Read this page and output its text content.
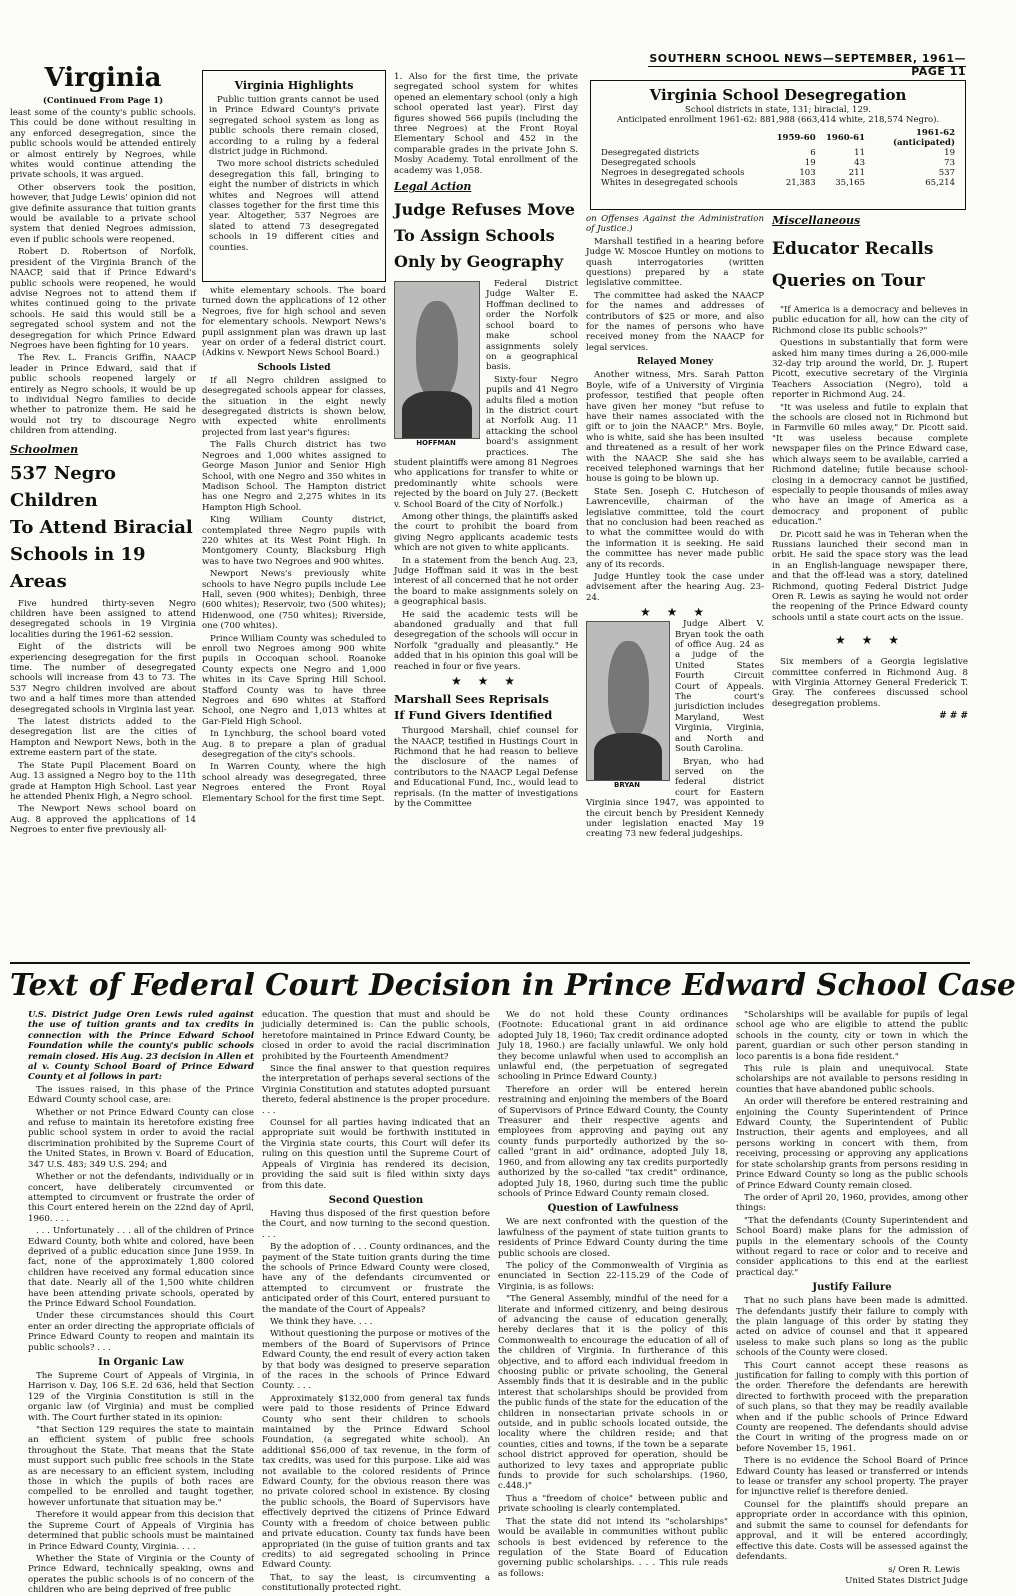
SOUTHERN SCHOOL NEWS—SEPTEMBER, 1961—PAGE 11
Virginia
(Continued From Page 1)

least some of the county's public schools. This could be done without resulting in any enforced desegregation, since the public schools would be attended entirely or almost entirely by Negroes, while whites would continue attending the private schools, it was argued.

Other observers took the position, however, that Judge Lewis' opinion did not give definite assurance that tuition grants would be available to a private school system that denied Negroes admission, even if public schools were reopened.

Robert D. Robertson of Norfolk, president of the Virginia Branch of the NAACP, said that if Prince Edward's public schools were reopened, he would advise Negroes not to attend them if whites continued going to the private schools. He said this would still be a segregated school system and not the desegregation for which Prince Edward Negroes have been fighting for 10 years.

The Rev. L. Francis Griffin, NAACP leader in Prince Edward, said that if public schools reopened largely or entirely as Negro schools, it would be up to individual Negro families to decide whether to patronize them. He said he would not try to discourage Negro children from attending.

Schoolmen
537 Negro Children
To Attend Biracial
Schools in 19 Areas

Five hundred thirty-seven Negro children have been assigned to attend desegregated schools in 19 Virginia localities during the 1961-62 session.

Eight of the districts will be experiencing desegregation for the first time. The number of desegregated schools will increase from 43 to 73. The 537 Negro children involved are about two and a half times more than attended desegregated schools in Virginia last year.

The latest districts added to the desegregation list are the cities of Hampton and Newport News, both in the extreme eastern part of the state.

The State Pupil Placement Board on Aug. 13 assigned a Negro boy to the 11th grade at Hampton High School. Last year he attended Phenix High, a Negro school.

The Newport News school board on Aug. 8 approved the applications of 14 Negroes to enter five previously all-

Virginia Highlights

Public tuition grants cannot be used in Prince Edward County's private segregated school system as long as public schools there remain closed, according to a ruling by a federal district judge in Richmond.

Two more school districts scheduled desegregation this fall, bringing to eight the number of districts in which whites and Negroes will attend classes together for the first time this year. Altogether, 537 Negroes are slated to attend 73 desegregated schools in 19 different cities and counties.

white elementary schools. The board turned down the applications of 12 other Negroes, five for high school and seven for elementary schools. Newport News's pupil assignment plan was drawn up last year on order of a federal district court. (Adkins v. Newport News School Board.)

Schools Listed

If all Negro children assigned to desegregated schools appear for classes, the situation in the eight newly desegregated districts is shown below, with expected white enrollments projected from last year's figures:

The Falls Church district has two Negroes and 1,000 whites assigned to George Mason Junior and Senior High School, with one Negro and 350 whites in Madison School. The Hampton district has one Negro and 2,275 whites in its Hampton High School.

King William County district, contemplated three Negro pupils with 220 whites at its West Point High. In Montgomery County, Blacksburg High was to have two Negroes and 900 whites.

Newport News's previously white schools to have Negro pupils include Lee Hall, seven (900 whites); Denbigh, three (600 whites); Reservoir, two (500 whites); Hidenwood, one (750 whites); Riverside, one (700 whites).

Prince William County was scheduled to enroll two Negroes among 900 white pupils in Occoquan school. Roanoke County expects one Negro and 1,000 whites in its Cave Spring Hill School. Stafford County was to have three Negroes and 690 whites at Stafford School, one Negro and 1,013 whites at Gar-Field High School.

In Lynchburg, the school board voted Aug. 8 to prepare a plan of gradual desegregation of the city's schools.

In Warren County, where the high school already was desegregated, three Negroes entered the Front Royal Elementary School for the first time Sept.

1. Also for the first time, the private segregated school system for whites opened an elementary school (only a high school operated last year). First day figures showed 566 pupils (including the three Negroes) at the Front Royal Elementary School and 452 in the comparable grades in the private John S. Mosby Academy. Total enrollment of the academy was 1,058.

Legal Action
Judge Refuses Move
To Assign Schools
Only by Geography
HOFFMAN

Federal District Judge Walter E. Hoffman declined to order the Norfolk school board to make school assignments solely on a geographical basis.

Sixty-four Negro pupils and 41 Negro adults filed a motion in the district court at Norfolk Aug. 11 attacking the school board's assignment practices. The student plaintiffs were among 81 Negroes who applications for transfer to white or predominantly white schools were rejected by the board on July 27. (Beckett v. School Board of the City of Norfolk.)

Among other things, the plaintiffs asked the court to prohibit the board from giving Negro applicants academic tests which are not given to white applicants.

In a statement from the bench Aug. 23, Judge Hoffman said it was in the best interest of all concerned that he not order the board to make assignments solely on a geographical basis.

He said the academic tests will be abandoned gradually and that full desegregation of the schools will occur in Norfolk "gradually and pleasantly." He added that in his opinion this goal will be reached in four or five years.

★ ★ ★
Marshall Sees Reprisals
If Fund Givers Identified

Thurgood Marshall, chief counsel for the NAACP, testified in Hustings Court in Richmond that he had reason to believe the disclosure of the names of contributors to the NAACP Legal Defense and Educational Fund, Inc., would lead to reprisals. (In the matter of investigations by the Committee

Virginia School Desegregation
School districts in state, 131; biracial, 129.
Anticipated enrollment 1961-62: 881,988 (663,414 white, 218,574 Negro).
	1959-60	1960-61	1961-62 (anticipated)
Desegregated districts	6	11	19
Desegregated schools	19	43	73
Negroes in desegregated schools	103	211	537
Whites in desegregated schools	21,383	35,165	65,214

on Offenses Against the Administration of Justice.)

Marshall testified in a hearing before Judge W. Moscoe Huntley on motions to quash interrogatories (written questions) prepared by a state legislative committee.

The committee had asked the NAACP for the names and addresses of contributors of $25 or more, and also for the names of persons who have received money from the NAACP for legal services.

Relayed Money

Another witness, Mrs. Sarah Patton Boyle, wife of a University of Virginia professor, testified that people often have given her money "but refuse to have their names associated with the gift or to join the NAACP." Mrs. Boyle, who is white, said she has been insulted and threatened as a result of her work with the NAACP. She said she has received telephoned warnings that her house is going to be blown up.

State Sen. Joseph C. Hutcheson of Lawrenceville, chairman of the legislative committee, told the court that no conclusion had been reached as to what the committee would do with the information it is seeking. He said the committee has never made public any of its records.

Judge Huntley took the case under advisement after the hearing Aug. 23-24.

★ ★ ★
BRYAN

Judge Albert V. Bryan took the oath of office Aug. 24 as a judge of the United States Fourth Circuit Court of Appeals. The court's jurisdiction includes Maryland, West Virginia, Virginia, and North and South Carolina.

Bryan, who had served on the federal district court for Eastern Virginia since 1947, was appointed to the circuit bench by President Kennedy under legislation enacted May 19 creating 73 new federal judgeships.

Miscellaneous
Educator Recalls
Queries on Tour

"If America is a democracy and believes in public education for all, how can the city of Richmond close its public schools?"

Questions in substantially that form were asked him many times during a 26,000-mile 32-day trip around the world, Dr. J. Rupert Picott, executive secretary of the Virginia Teachers Association (Negro), told a reporter in Richmond Aug. 24.

"It was useless and futile to explain that the schools are closed not in Richmond but in Farmville 60 miles away," Dr. Picott said. "It was useless because complete newspaper files on the Prince Edward case, which always seem to be available, carried a Richmond dateline; futile because school-closing in a democracy cannot be justified, especially to people thousands of miles away who have an image of America as a democracy and proponent of public education."

Dr. Picott said he was in Teheran when the Russians launched their second man in orbit. He said the space story was the lead in an English-language newspaper there, and that the off-lead was a story, datelined Richmond, quoting Federal District Judge Oren R. Lewis as saying he would not order the reopening of the Prince Edward county schools until a state court acts on the issue.

★ ★ ★

Six members of a Georgia legislative committee conferred in Richmond Aug. 8 with Virginia Attorney General Frederick T. Gray. The conferees discussed school desegregation problems.

# # #
Text of Federal Court Decision in Prince Edward School Case

U.S. District Judge Oren Lewis ruled against the use of tuition grants and tax credits in connection with the Prince Edward School Foundation while the county's public schools remain closed. His Aug. 23 decision in Allen et al v. County School Board of Prince Edward County et al follows in part:

The issues raised, in this phase of the Prince Edward County school case, are:

Whether or not Prince Edward County can close and refuse to maintain its heretofore existing free public school system in order to avoid the racial discrimination prohibited by the Supreme Court of the United States, in Brown v. Board of Education, 347 U.S. 483; 349 U.S. 294; and

Whether or not the defendants, individually or in concert, have deliberately circumvented or attempted to circumvent or frustrate the order of this Court entered herein on the 22nd day of April, 1960. . . .

. . . Unfortunately . . . all of the children of Prince Edward County, both white and colored, have been deprived of a public education since June 1959. In fact, none of the approximately 1,800 colored children have received any formal education since that date. Nearly all of the 1,500 white children have been attending private schools, operated by the Prince Edward School Foundation.

Under these circumstances should this Court enter an order directing the appropriate officials of Prince Edward County to reopen and maintain its public schools? . . .

In Organic Law

The Supreme Court of Appeals of Virginia, in Harrison v. Day, 106 S.E. 2d 636, held that Section 129 of the Virginia Constitution is still in the organic law (of Virginia) and must be complied with. The Court further stated in its opinion:

"that Section 129 requires the state to maintain an efficient system of public free schools throughout the State. That means that the State must support such public free schools in the State as are necessary to an efficient system, including those in which the pupils of both races are compelled to be enrolled and taught together, however unfortunate that situation may be."

Therefore it would appear from this decision that the Supreme Court of Appeals of Virginia has determined that public schools must be maintained in Prince Edward County, Virginia. . . .

Whether the State of Virginia or the County of Prince Edward, technically speaking, owns and operates the public schools is of no concern of the children who are being deprived of free public

education. The question that must and should be judicially determined is: Can the public schools, heretofore maintained in Prince Edward County, be closed in order to avoid the racial discrimination prohibited by the Fourteenth Amendment?

Since the final answer to that question requires the interpretation of perhaps several sections of the Virginia Constitution and statutes adopted pursuant thereto, federal abstinence is the proper procedure. . . .

Counsel for all parties having indicated that an appropriate suit would be forthwith instituted in the Virginia state courts, this Court will defer its ruling on this question until the Supreme Court of Appeals of Virginia has rendered its decision, providing the said suit is filed within sixty days from this date.

Second Question

Having thus disposed of the first question before the Court, and now turning to the second question. . . .

By the adoption of . . . County ordinances, and the payment of the State tuition grants during the time the schools of Prince Edward County were closed, have any of the defendants circumvented or attempted to circumvent or frustrate the anticipated order of this Court, entered pursuant to the mandate of the Court of Appeals?

We think they have. . . .

Without questioning the purpose or motives of the members of the Board of Supervisors of Prince Edward County, the end result of every action taken by that body was designed to preserve separation of the races in the schools of Prince Edward County. . . .

Approximately $132,000 from general tax funds were paid to those residents of Prince Edward County who sent their children to schools maintained by the Prince Edward School Foundation, (a segregated white school). An additional $56,000 of tax revenue, in the form of tax credits, was used for this purpose. Like aid was not available to the colored residents of Prince Edward County, for the obvious reason there was no private colored school in existence. By closing the public schools, the Board of Supervisors have effectively deprived the citizens of Prince Edward County with a freedom of choice between public and private education. County tax funds have been appropriated (in the guise of tuition grants and tax credits) to aid segregated schooling in Prince Edward County.

That, to say the least, is circumventing a constitutionally protected right.

We do not hold these County ordinances (Footnote: Educational grant in aid ordinance adopted July 18, 1960; Tax credit ordinance adopted July 18, 1960.) are facially unlawful. We only hold they become unlawful when used to accomplish an unlawful end, (the perpetuation of segregated schooling in Prince Edward County.)

Therefore an order will be entered herein restraining and enjoining the members of the Board of Supervisors of Prince Edward County, the County Treasurer and their respective agents and employees from approving and paying out any county funds purportedly authorized by the so-called "grant in aid" ordinance, adopted July 18, 1960, and from allowing any tax credits purportedly authorized by the so-called "tax credit" ordinance, adopted July 18, 1960, during such time the public schools of Prince Edward County remain closed.

Question of Lawfulness

We are next confronted with the question of the lawfulness of the payment of state tuition grants to residents of Prince Edward County during the time public schools are closed.

The policy of the Commonwealth of Virginia as enunciated in Section 22-115.29 of the Code of Virginia, is as follows:

"The General Assembly, mindful of the need for a literate and informed citizenry, and being desirous of advancing the cause of education generally, hereby declares that it is the policy of this Commonwealth to encourage the education of all of the children of Virginia. In furtherance of this objective, and to afford each individual freedom in choosing public or private schooling, the General Assembly finds that it is desirable and in the public interest that scholarships should be provided from the public funds of the state for the education of the children in nonsectarian private schools in or outside, and in public schools located outside, the locality where the children reside; and that counties, cities and towns, if the town be a separate school district approved for operation, should be authorized to levy taxes and appropriate public funds to provide for such scholarships. (1960, c.448.)"

Thus a "freedom of choice" between public and private schooling is clearly contemplated.

That the state did not intend its "scholarships" would be available in communities without public schools is best evidenced by reference to the regulation of the State Board of Education governing public scholarships. . . . This rule reads as follows:

"Scholarships will be available for pupils of legal school age who are eligible to attend the public schools in the county, city or town in which the parent, guardian or such other person standing in loco parentis is a bona fide resident."

This rule is plain and unequivocal. State scholarships are not available to persons residing in counties that have abandoned public schools.

An order will therefore be entered restraining and enjoining the County Superintendent of Prince Edward County, the Superintendent of Public Instruction, their agents and employees, and all persons working in concert with them, from receiving, processing or approving any applications for state scholarship grants from persons residing in Prince Edward County so long as the public schools of Prince Edward County remain closed.

The order of April 20, 1960, provides, among other things:

"That the defendants (County Superintendent and School Board) make plans for the admission of pupils in the elementary schools of the County without regard to race or color and to receive and consider applications to this end at the earliest practical day."

Justify Failure

That no such plans have been made is admitted. The defendants justify their failure to comply with the plain language of this order by stating they acted on advice of counsel and that it appeared useless to make such plans so long as the public schools of the County were closed.

This Court cannot accept these reasons as justification for failing to comply with this portion of the order. Therefore the defendants are herewith directed to forthwith proceed with the preparation of such plans, so that they may be readily available when and if the public schools of Prince Edward County are reopened. The defendants should advise the Court in writing of the progress made on or before November 15, 1961.

There is no evidence the School Board of Prince Edward County has leased or transferred or intends to lease or transfer any school property. The prayer for injunctive relief is therefore denied.

Counsel for the plaintiffs should prepare an appropriate order in accordance with this opinion, and submit the same to counsel for defendants for approval, and it will be entered accordingly, effective this date. Costs will be assessed against the defendants.

s/ Oren R. Lewis
United States District Judge
